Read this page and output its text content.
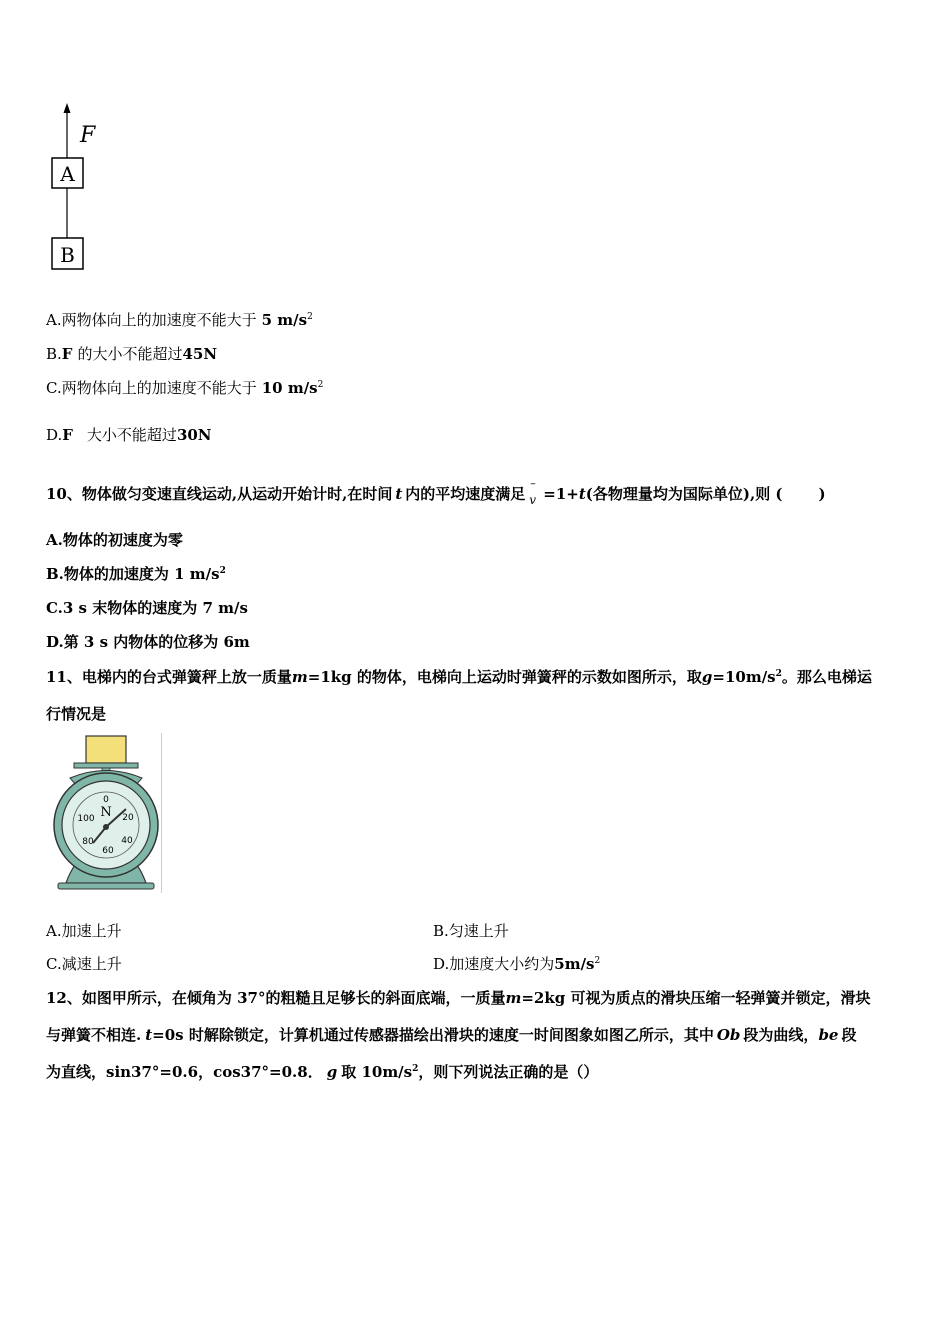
F
A
B
A.两物体向上的加速度不能大于 5 $m/s^2$
B.F 的大小不能超过45N
C.两物体向上的加速度不能大于 10 $m/s^2$
D.F 大小不能超过30N
10、物体做匀变速直线运动,从运动开始计时,在时间 t 内的平均速度满足
–
v =1+t(各物理量均为国际单位),则 ( )
A.物体的初速度为零
B.物体的加速度为 1 $m/s^2$
C.3 s 末物体的速度为 7 m/s
D.第 3 s 内物体的位移为 6m
11、电梯内的台式弹簧秤上放一质量m=1kg 的物体，电梯向上运动时弹簧秤的示数如图所示，取$g=10m/s^2$。那么电梯运
行情况是
0
N 20
40
60
80
100
A.加速上升	B.匀速上升
C.减速上升	D.加速度大小约为$5m/s^2$
12、如图甲所示，在倾角为 37°的粗糙且足够长的斜面底端，一质量m=2kg 可视为质点的滑块压缩一轻弹簧并锁定，滑块
与弹簧不相连. t=0s 时解除锁定，计算机通过传感器描绘出滑块的速度一时间图象如图乙所示，其中 Ob 段为曲线，be 段
为直线，sin37°=0.6，cos37°=0.8． g 取 $10m/s^2$，则下列说法正确的是（）
